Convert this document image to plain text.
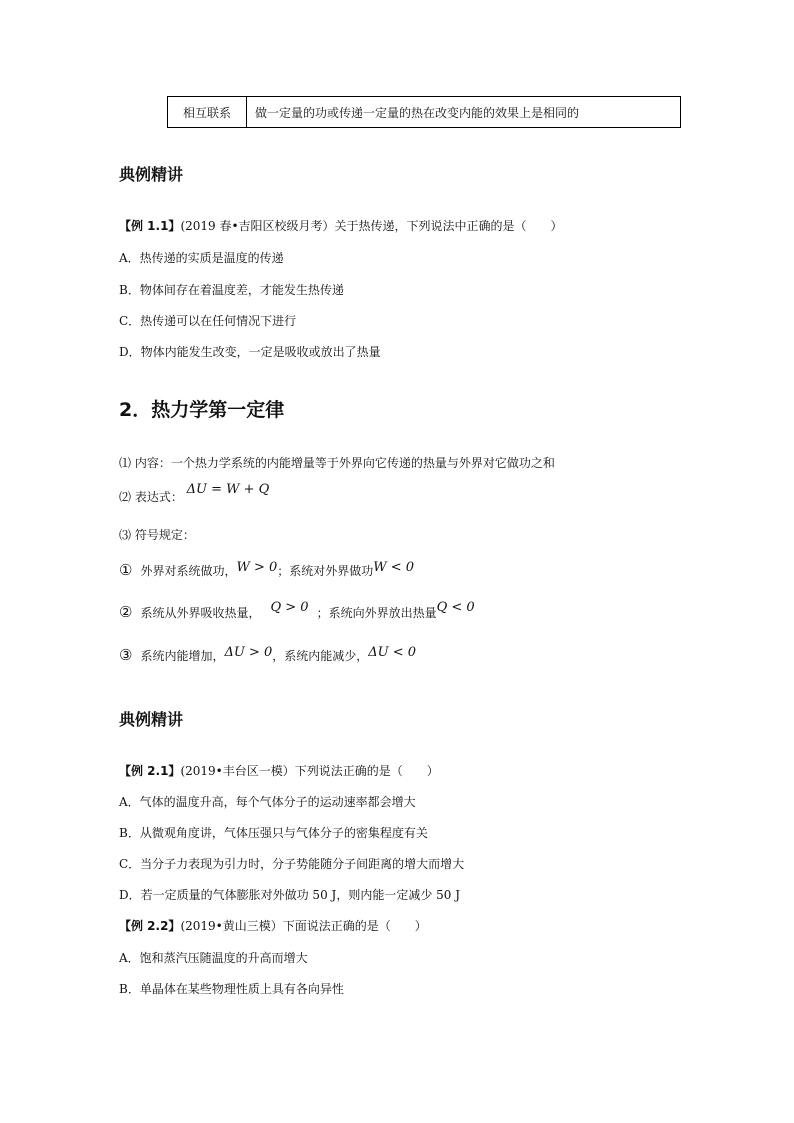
相互联系	做一定量的功或传递一定量的热在改变内能的效果上是相同的
典例精讲
【例 1.1】(2019 春•吉阳区校级月考）关于热传递，下列说法中正确的是（　　）
A．热传递的实质是温度的传递
B．物体间存在着温度差，才能发生热传递
C．热传递可以在任何情况下进行
D．物体内能发生改变，一定是吸收或放出了热量
2．热力学第一定律
⑴ 内容：一个热力学系统的内能增量等于外界向它传递的热量与外界对它做功之和
⑵ 表达式： ΔU = W + Q
⑶ 符号规定：
① 外界对系统做功，W > 0；系统对外界做功W < 0
② 系统从外界吸收热量， Q > 0 ；系统向外界放出热量Q < 0
③ 系统内能增加，ΔU > 0，系统内能减少，ΔU < 0
典例精讲
【例 2.1】(2019•丰台区一模）下列说法正确的是（　　）
A．气体的温度升高，每个气体分子的运动速率都会增大
B．从微观角度讲，气体压强只与气体分子的密集程度有关
C．当分子力表现为引力时，分子势能随分子间距离的增大而增大
D．若一定质量的气体膨胀对外做功 50 J，则内能一定减少 50 J
【例 2.2】(2019•黄山三模）下面说法正确的是（　　）
A．饱和蒸汽压随温度的升高而增大
B．单晶体在某些物理性质上具有各向异性
